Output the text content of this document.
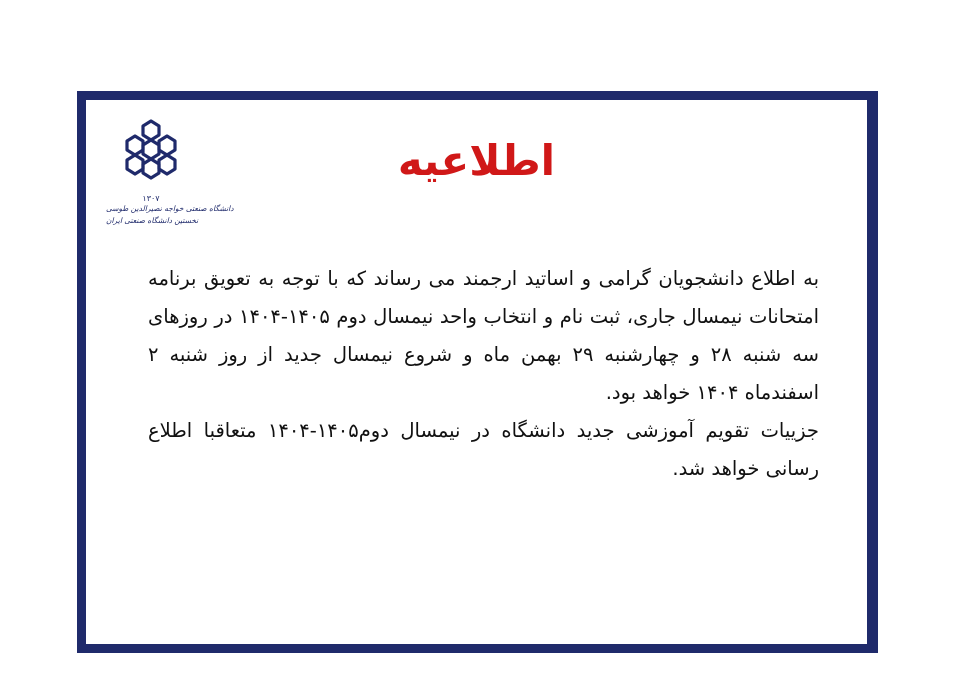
۱۳۰۷
دانشگاه صنعتی خواجه نصیرالدین طوسی
نخستین دانشگاه صنعتی ایران
اطلاعیه

به اطلاع دانشجویان گرامی و اساتید ارجمند می رساند که با توجه به تعویق برنامه امتحانات نیمسال جاری، ثبت نام و انتخاب واحد نیمسال دوم ۱۴۰۵-۱۴۰۴ در روزهای سه شنبه ۲۸ و چهارشنبه ۲۹ بهمن ماه و شروع نیمسال جدید از روز شنبه ۲ اسفندماه ۱۴۰۴ خواهد بود.

جزییات تقویم آموزشی جدید دانشگاه در نیمسال دوم۱۴۰۵-۱۴۰۴ متعاقبا اطلاع رسانی خواهد شد.
